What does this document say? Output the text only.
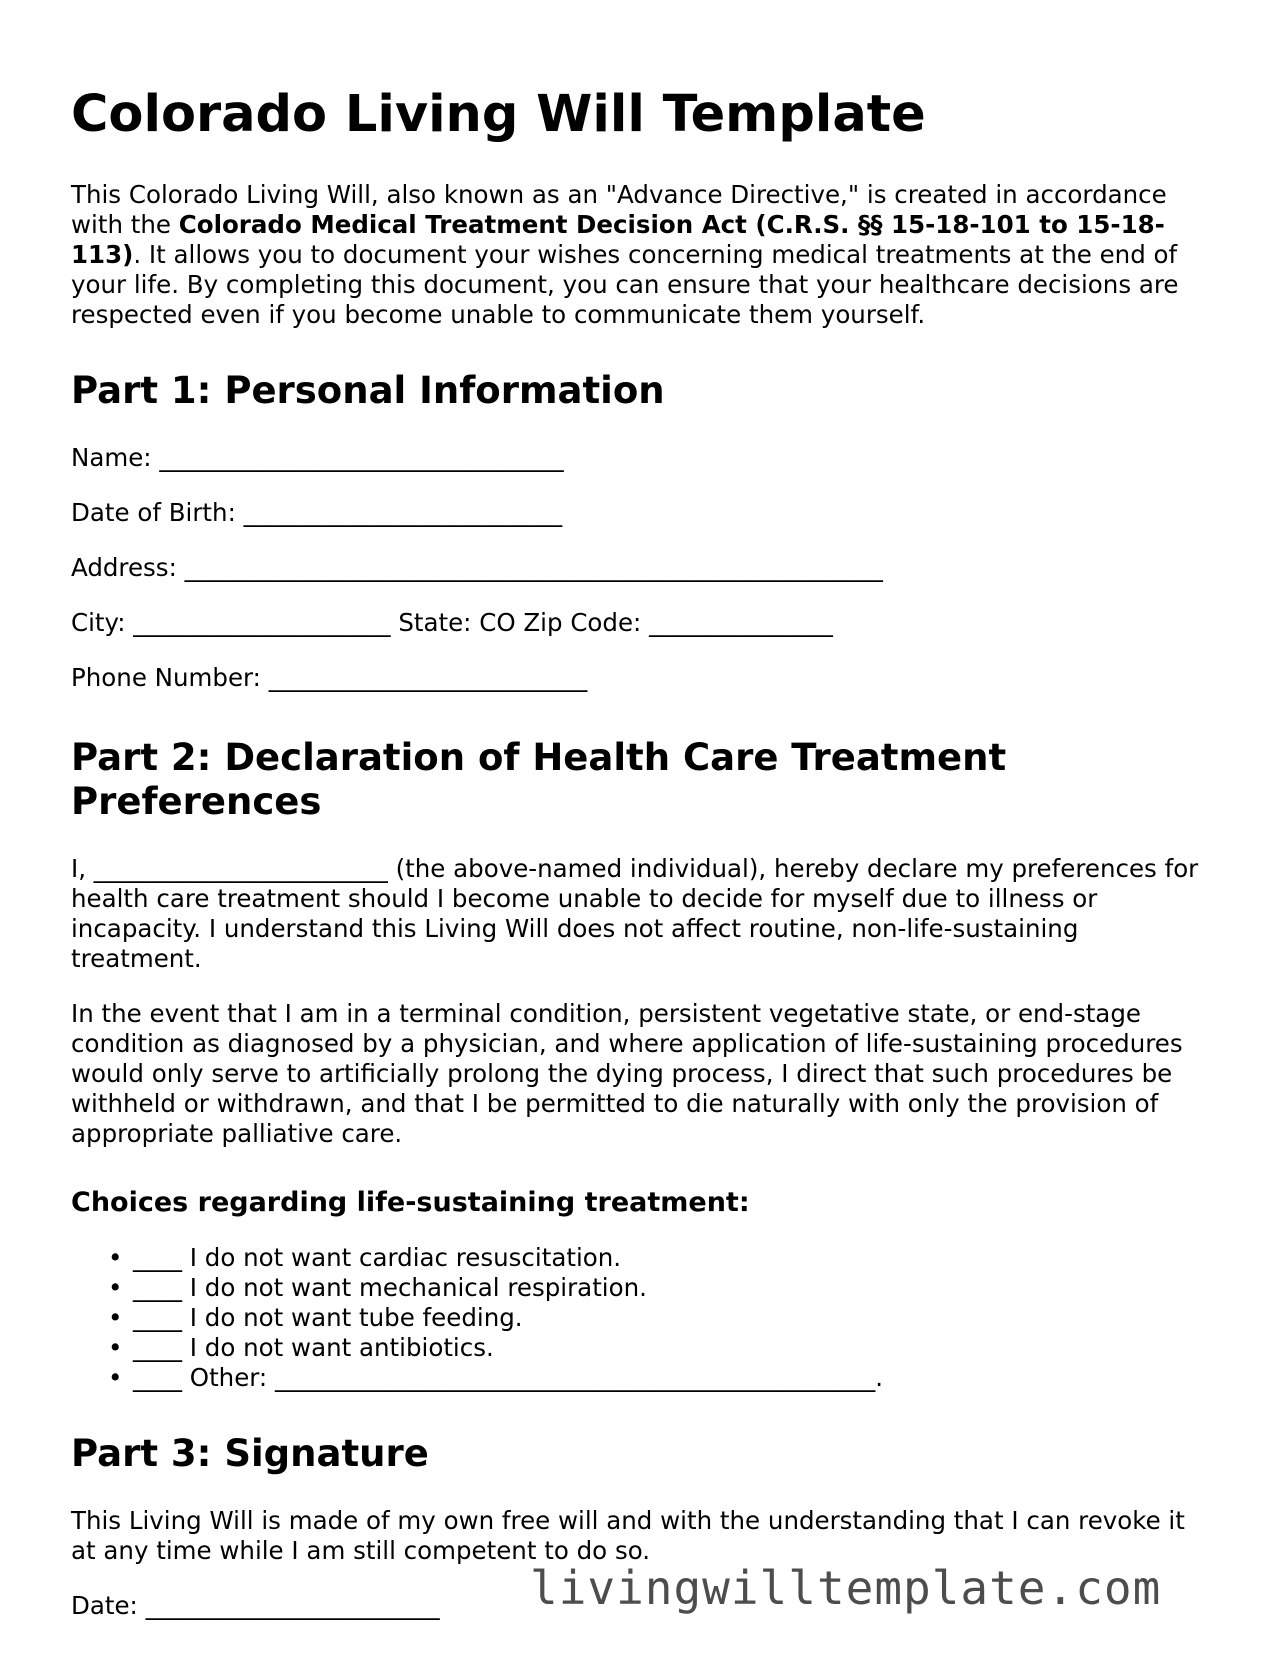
Colorado Living Will Template

This Colorado Living Will, also known as an "Advance Directive," is created in accordance with the Colorado Medical Treatment Decision Act (C.R.S. §§ 15-18-101 to 15-18-113). It allows you to document your wishes concerning medical treatments at the end of your life. By completing this document, you can ensure that your healthcare decisions are respected even if you become unable to communicate them yourself.

Part 1: Personal Information
Name: _________________________________
Date of Birth: __________________________
Address: _________________________________________________________
City: _____________________ State: CO Zip Code: _______________
Phone Number: __________________________
Part 2: Declaration of Health Care Treatment Preferences

I, ________________________ (the above-named individual), hereby declare my preferences for health care treatment should I become unable to decide for myself due to illness or incapacity. I understand this Living Will does not affect routine, non-life-sustaining treatment.

In the event that I am in a terminal condition, persistent vegetative state, or end-stage condition as diagnosed by a physician, and where application of life-sustaining procedures would only serve to artificially prolong the dying process, I direct that such procedures be withheld or withdrawn, and that I be permitted to die naturally with only the provision of appropriate palliative care.

Choices regarding life-sustaining treatment:
• ____ I do not want cardiac resuscitation.
• ____ I do not want mechanical respiration.
• ____ I do not want tube feeding.
• ____ I do not want antibiotics.
• ____ Other: _________________________________________________.
Part 3: Signature

This Living Will is made of my own free will and with the understanding that I can revoke it at any time while I am still competent to do so.

Date: ________________________	livingwilltemplate.com
